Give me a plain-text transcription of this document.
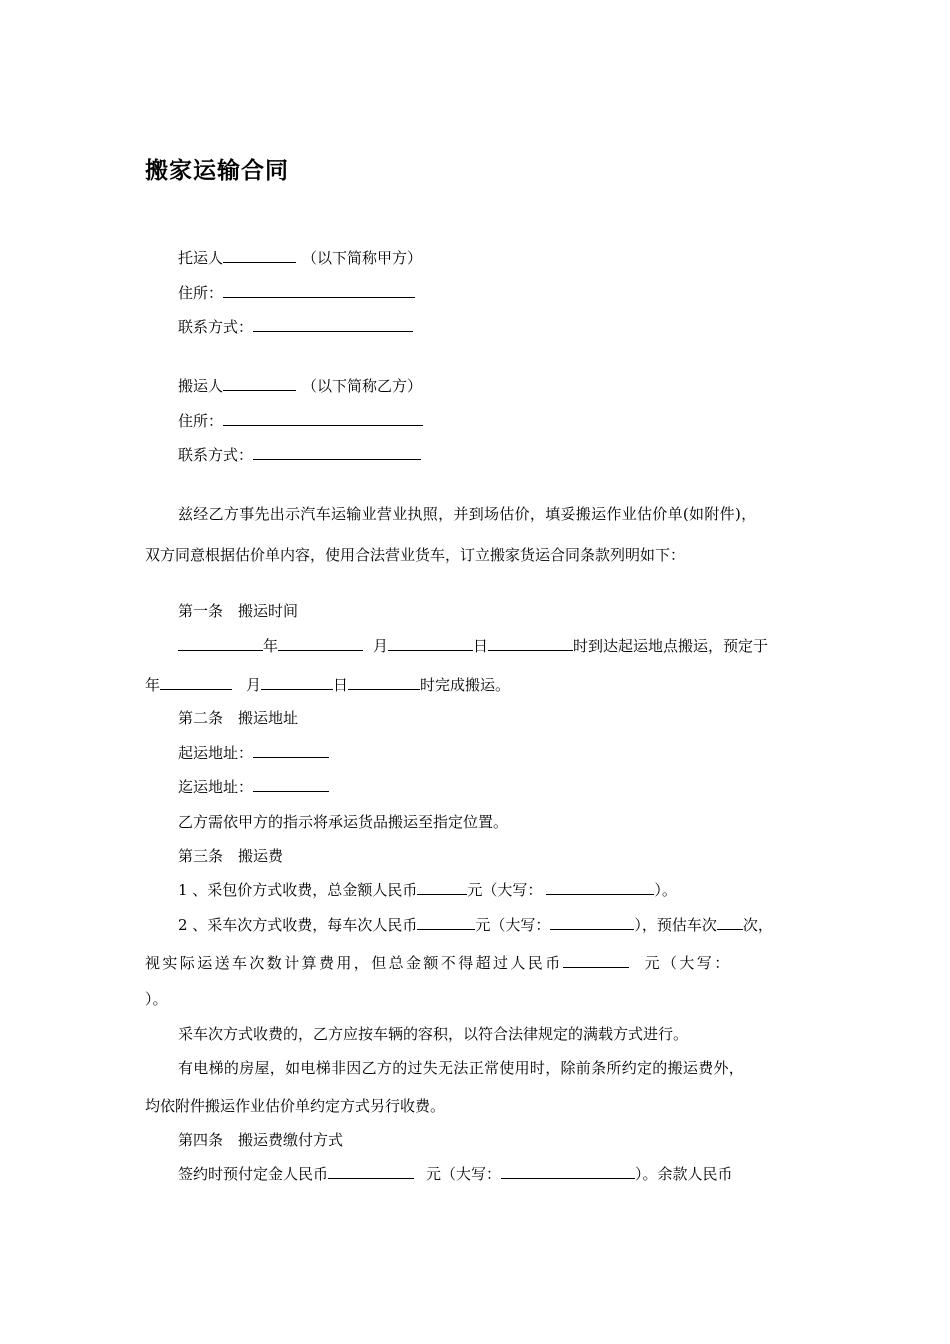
搬家运输合同
托运人	（以下简称甲方）
住所：
联系方式：
搬运人	（以下简称乙方）
住所：
联系方式：
兹经乙方事先出示汽车运输业营业执照，并到场估价，填妥搬运作业估价单(如附件)，
双方同意根据估价单内容，使用合法营业货车，订立搬家货运合同条款列明如下：
第一条　搬运时间
年	月	日	时到达起运地点搬运，预定于
年	月	日	时完成搬运。
第二条　搬运地址
起运地址：
迄运地址：
乙方需依甲方的指示将承运货品搬运至指定位置。
第三条　搬运费
1 、采包价方式收费，总金额人民币	元（大写：	）。
2 、采车次方式收费，每车次人民币	元（大写：	），预估车次 次，
视实际运送车次数计算费用，但总金额不得超过人民币	元（大写：
）。
采车次方式收费的，乙方应按车辆的容积，以符合法律规定的满载方式进行。
有电梯的房屋，如电梯非因乙方的过失无法正常使用时，除前条所约定的搬运费外，
均依附件搬运作业估价单约定方式另行收费。
第四条　搬运费缴付方式
签约时预付定金人民币	元（大写：	）。余款人民币
